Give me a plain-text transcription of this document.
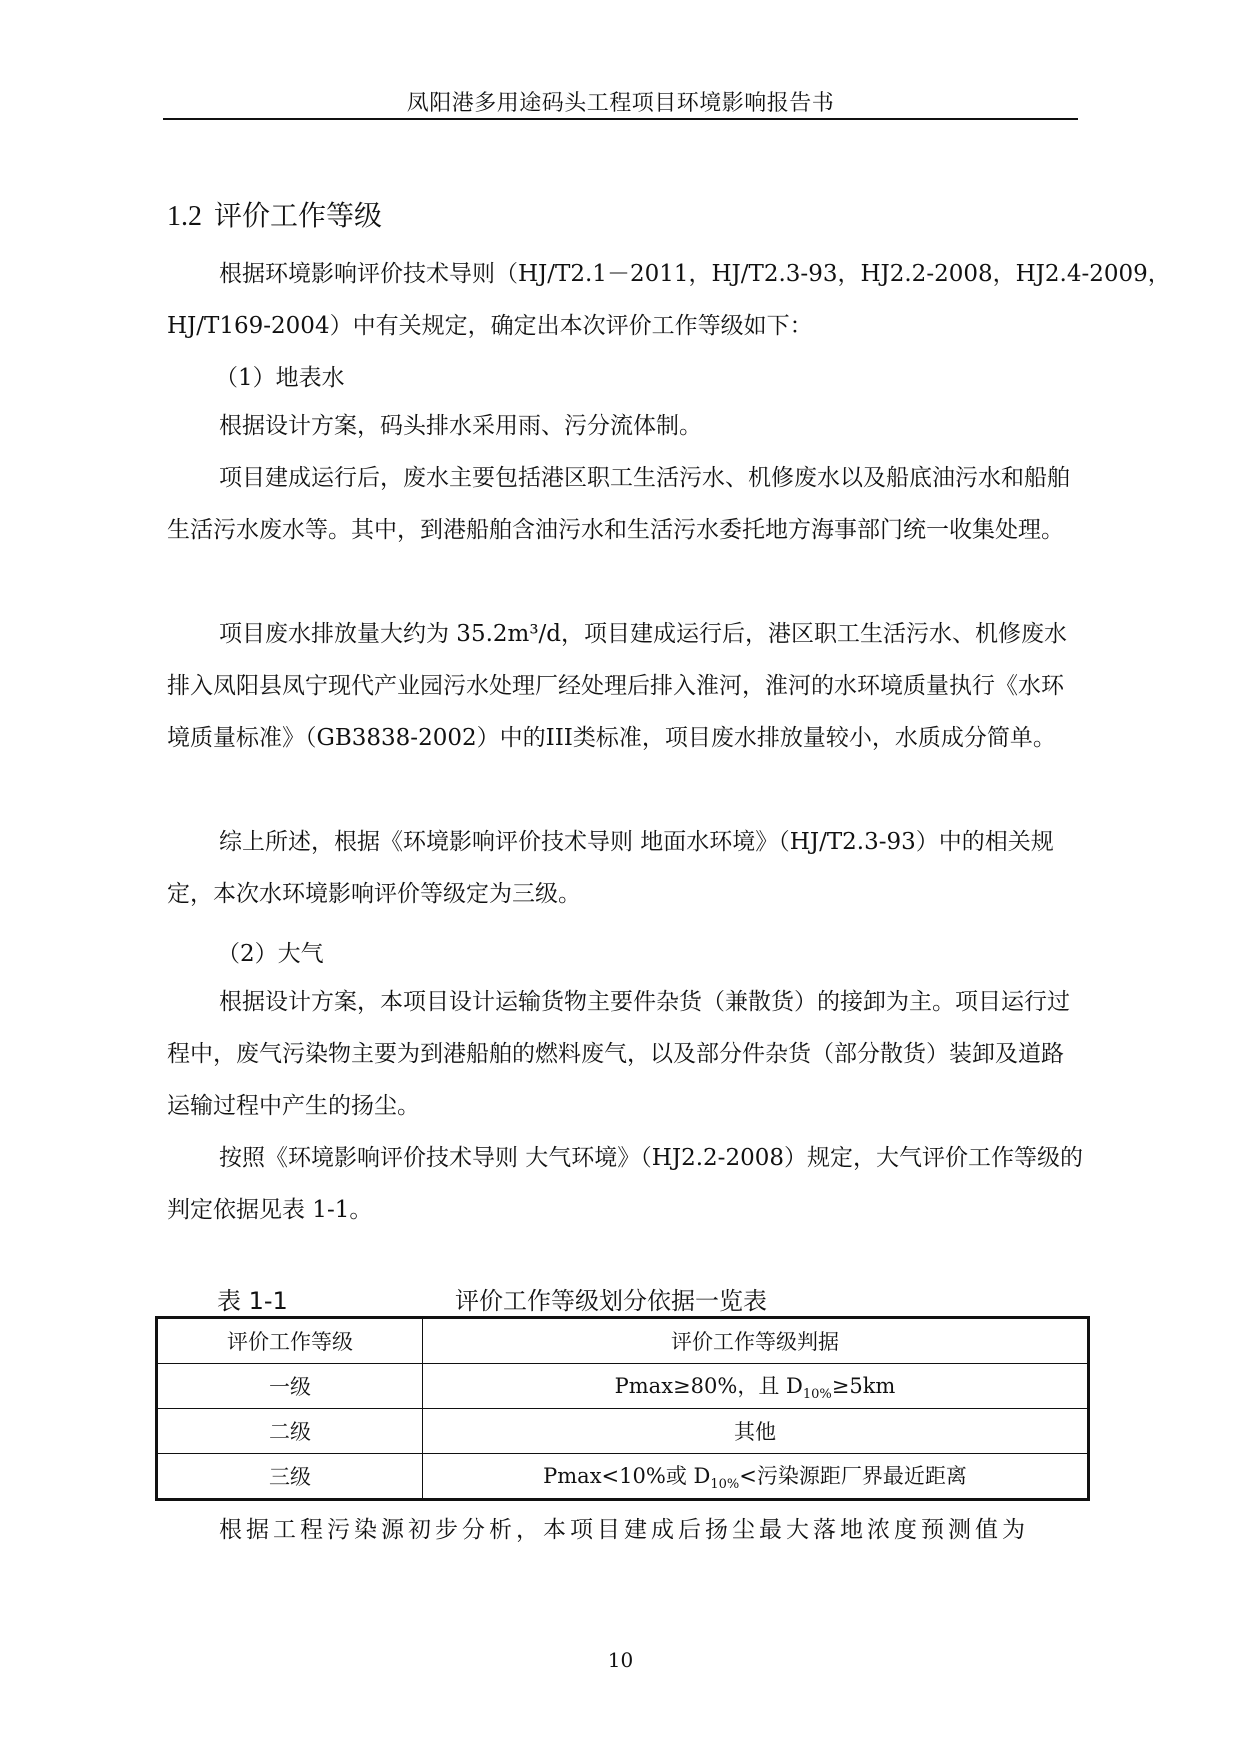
凤阳港多用途码头工程项目环境影响报告书
1.2 评价工作等级
根据环境影响评价技术导则（HJ/T2.1－2011，HJ/T2.3-93，HJ2.2-2008，HJ2.4-2009，
HJ/T169-2004）中有关规定，确定出本次评价工作等级如下：
（1）地表水
根据设计方案，码头排水采用雨、污分流体制。
项目建成运行后，废水主要包括港区职工生活污水、机修废水以及船底油污水和船舶生活污水废水等。其中，到港船舶含油污水和生活污水委托地方海事部门统一收集处理。
项目废水排放量大约为 35.2m³/d，项目建成运行后，港区职工生活污水、机修废水排入凤阳县凤宁现代产业园污水处理厂经处理后排入淮河，淮河的水环境质量执行《水环境质量标准》（GB3838-2002）中的III类标准，项目废水排放量较小，水质成分简单。
综上所述，根据《环境影响评价技术导则 地面水环境》（HJ/T2.3-93）中的相关规定，本次水环境影响评价等级定为三级。
（2）大气
根据设计方案，本项目设计运输货物主要件杂货（兼散货）的接卸为主。项目运行过程中，废气污染物主要为到港船舶的燃料废气，以及部分件杂货（部分散货）装卸及道路运输过程中产生的扬尘。
按照《环境影响评价技术导则 大气环境》（HJ2.2-2008）规定，大气评价工作等级的判定依据见表 1-1。
表 1-1	评价工作等级划分依据一览表
评价工作等级	评价工作等级判据
一级	Pmax≥80%，且 $D_{10\%}\ge 5km$
二级	其他
三级	Pmax<10%或 $D_{10\%}<$污染源距厂界最近距离
根据工程污染源初步分析，本项目建成后扬尘最大落地浓度预测值为
10
